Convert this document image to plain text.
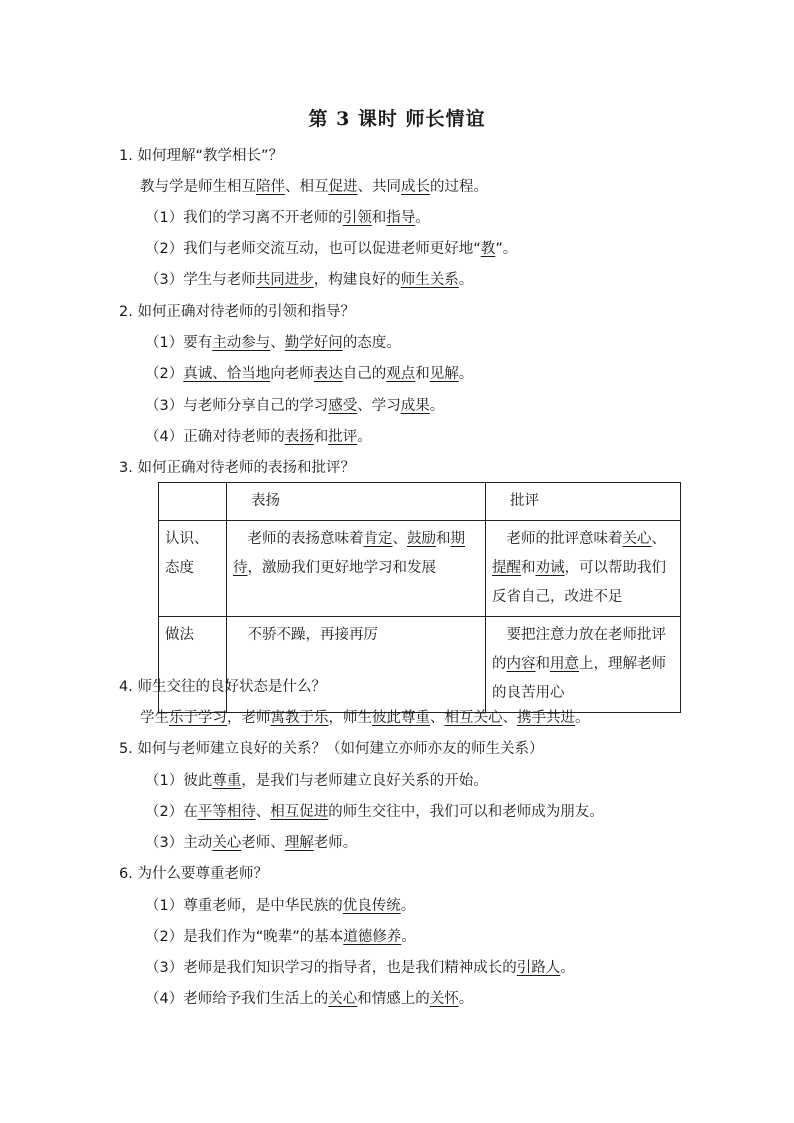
第 3 课时 师长情谊
1. 如何理解“教学相长”？
教与学是师生相互陪伴、相互促进、共同成长的过程。
（1）我们的学习离不开老师的引领和指导。
（2）我们与老师交流互动，也可以促进老师更好地“教”。
（3）学生与老师共同进步，构建良好的师生关系。
2. 如何正确对待老师的引领和指导？
（1）要有主动参与、勤学好问的态度。
（2）真诚、恰当地向老师表达自己的观点和见解。
（3）与老师分享自己的学习感受、学习成果。
（4）正确对待老师的表扬和批评。
3. 如何正确对待老师的表扬和批评？
	表扬	批评
认识、态度	　老师的表扬意味着肯定、鼓励和期待，激励我们更好地学习和发展	　老师的批评意味着关心、提醒和劝诫，可以帮助我们反省自己，改进不足
做法	　不骄不躁，再接再厉	　要把注意力放在老师批评的内容和用意上，理解老师的良苦用心
4. 师生交往的良好状态是什么？
学生乐于学习，老师寓教于乐，师生彼此尊重、相互关心、携手共进。
5. 如何与老师建立良好的关系？（如何建立亦师亦友的师生关系）
（1）彼此尊重，是我们与老师建立良好关系的开始。
（2）在平等相待、相互促进的师生交往中，我们可以和老师成为朋友。
（3）主动关心老师、理解老师。
6. 为什么要尊重老师？
（1）尊重老师，是中华民族的优良传统。
（2）是我们作为“晚辈”的基本道德修养。
（3）老师是我们知识学习的指导者，也是我们精神成长的引路人。
（4）老师给予我们生活上的关心和情感上的关怀。
